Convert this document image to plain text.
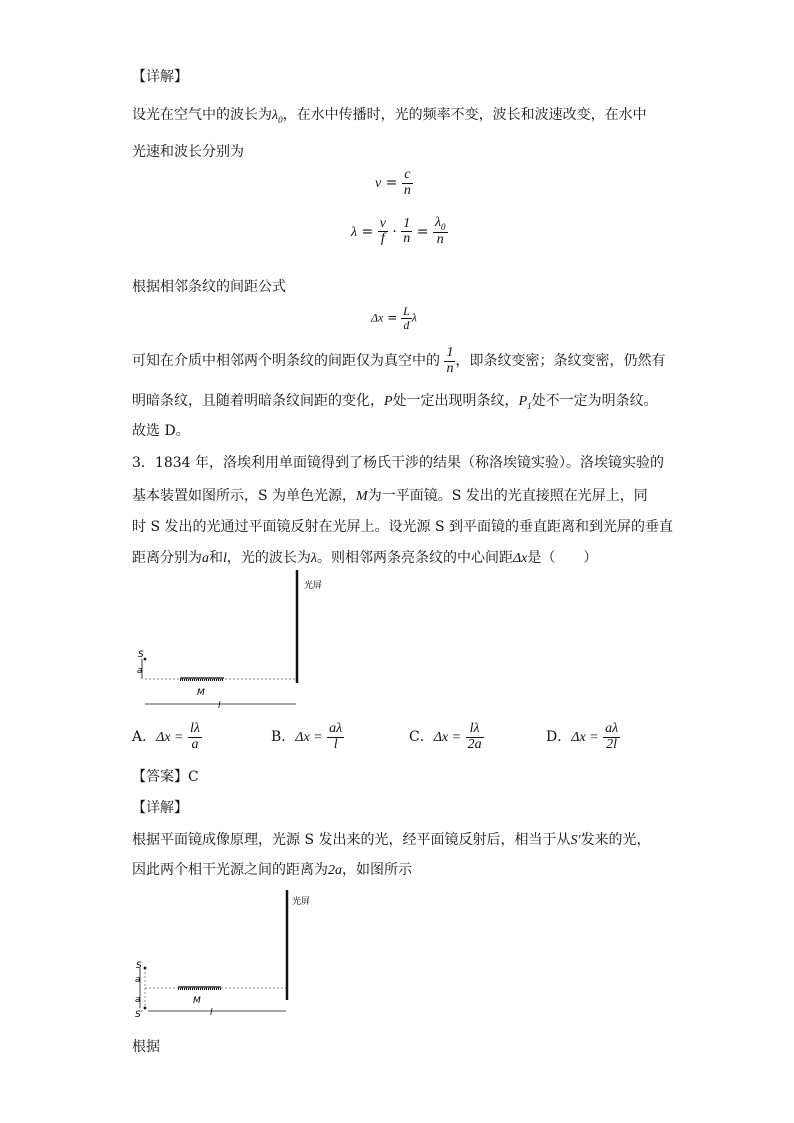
【详解】
设光在空气中的波长为$\lambda_0$，在水中传播时，光的频率不变，波长和波速改变，在水中
光速和波长分别为
$v = \frac{c}{n}$
$\lambda = \frac{v}{f} \cdot \frac{1}{n} = \frac{\lambda_0}{n}$
根据相邻条纹的间距公式
$\Delta x = \frac{L}{d}$ λ
可知在介质中相邻两个明条纹的间距仅为真空中的 $\frac{1}{n}$ ，即条纹变密；条纹变密，仍然有
明暗条纹，且随着明暗条纹间距的变化，P处一定出现明条纹，$P_1$处不一定为明条纹。
故选 D。
3．1834 年，洛埃利用单面镜得到了杨氏干涉的结果（称洛埃镜实验）。洛埃镜实验的
基本装置如图所示，S 为单色光源，M为一平面镜。S 发出的光直接照在光屏上，同
时 S 发出的光通过平面镜反射在光屏上。设光源 S 到平面镜的垂直距离和到光屏的垂直
距离分别为a和l，光的波长为λ。则相邻两条亮条纹的中心间距Δx是（　　）
光屏
S
a
M
l
A．$\Delta x = \frac{l\lambda}{a}$	B．$\Delta x = \frac{a\lambda}{l}$	C．$\Delta x = \frac{l\lambda}{2a}$	D．$\Delta x = \frac{a\lambda}{2l}$
【答案】C
【详解】
根据平面镜成像原理，光源 S 发出来的光，经平面镜反射后，相当于从S′发来的光，
因此两个相干光源之间的距离为2a，如图所示
光屏
S
a
a	M
S′	l
根据
